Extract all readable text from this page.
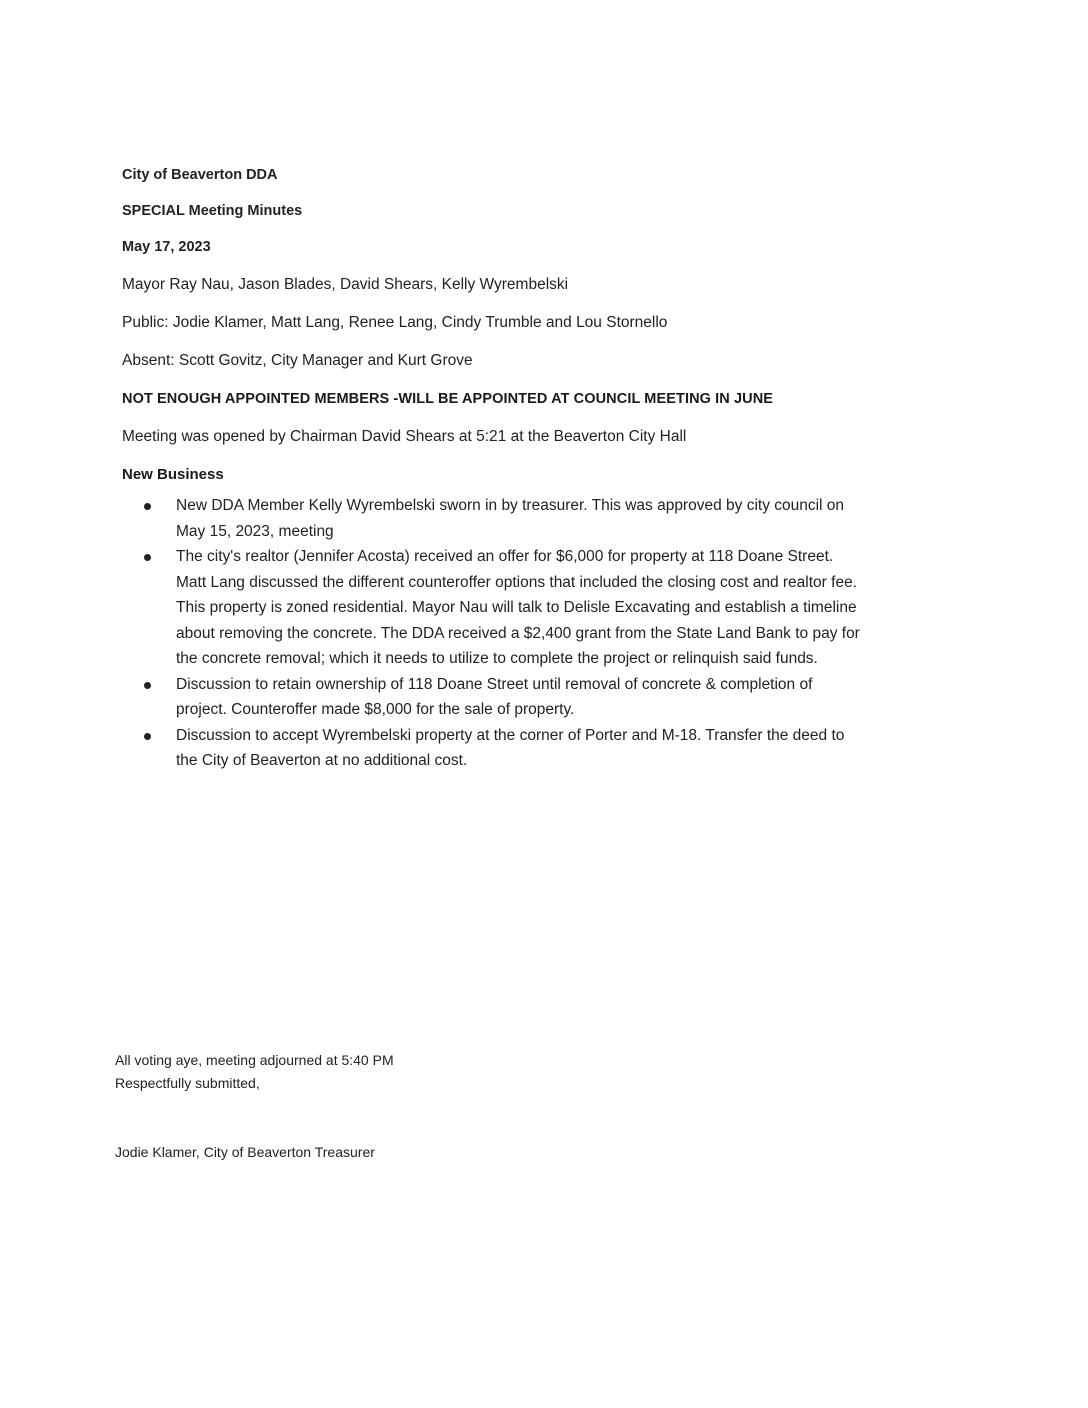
City of Beaverton DDA
SPECIAL Meeting Minutes
May 17, 2023
Mayor Ray Nau, Jason Blades, David Shears, Kelly Wyrembelski
Public: Jodie Klamer, Matt Lang, Renee Lang, Cindy Trumble and Lou Stornello
Absent: Scott Govitz, City Manager and Kurt Grove
NOT ENOUGH APPOINTED MEMBERS -WILL BE APPOINTED AT COUNCIL MEETING IN JUNE
Meeting was opened by Chairman David Shears at 5:21 at the Beaverton City Hall
New Business
New DDA Member Kelly Wyrembelski sworn in by treasurer. This was approved by city council on May 15, 2023, meeting
The city's realtor (Jennifer Acosta) received an offer for $6,000 for property at 118 Doane Street. Matt Lang discussed the different counteroffer options that included the closing cost and realtor fee. This property is zoned residential. Mayor Nau will talk to Delisle Excavating and establish a timeline about removing the concrete. The DDA received a $2,400 grant from the State Land Bank to pay for the concrete removal; which it needs to utilize to complete the project or relinquish said funds.
Discussion to retain ownership of 118 Doane Street until removal of concrete & completion of project. Counteroffer made $8,000 for the sale of property.
Discussion to accept Wyrembelski property at the corner of Porter and M-18. Transfer the deed to the City of Beaverton at no additional cost.
All voting aye, meeting adjourned at 5:40 PM
Respectfully submitted,
Jodie Klamer, City of Beaverton Treasurer
